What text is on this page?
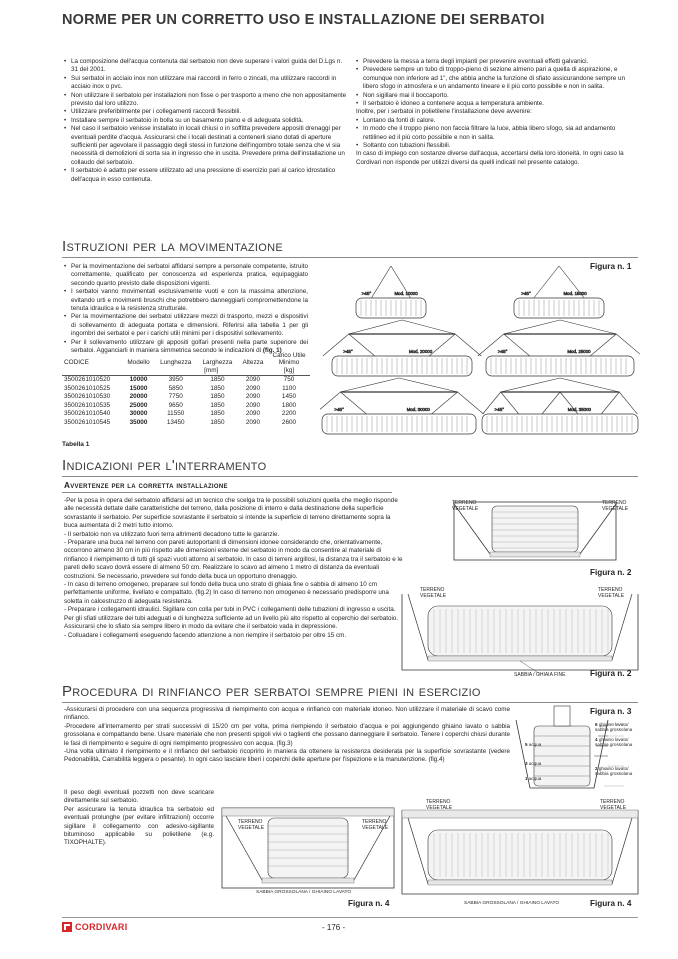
NORME PER UN CORRETTO USO E INSTALLAZIONE DEI SERBATOI
• La composizione dell'acqua contenuta dal serbatoio non deve superare i valori guida del D.Lgs n. 31 del 2001.
• Sui serbatoi in acciaio inox non utilizzare mai raccordi in ferro o zincati, ma utilizzare raccordi in acciaio inox o pvc.
• Non utilizzare il serbatoio per installazioni non fisse o per trasporto a meno che non appositamente previsto dal loro utilizzo.
• Utilizzare preferibilmente per i collegamenti raccordi flessibili.
• Installare sempre il serbatoio in bolla su un basamento piano e di adeguata solidità.
• Nel caso il serbatoio venisse installato in locali chiusi o in soffitta prevedere appositi drenaggi per eventuali perdite d'acqua. Assicurarsi che i locali destinati a contenerli siano dotati di aperture sufficienti per agevolare il passaggio degli stessi in funzione dell'ingombro totale senza che vi sia necessità di demolizioni di sorta sia in ingresso che in uscita. Prevedere prima dell'installazione un collaudo del serbatoio.
• Il serbatoio è adatto per essere utilizzato ad una pressione di esercizio pari al carico idrostatico dell'acqua in esso contenuta.
• Prevedere la messa a terra degli impianti per prevenire eventuali effetti galvanici.
• Prevedere sempre un tubo di troppo-pieno di sezione almeno pari a quella di aspirazione, e comunque non inferiore ad 1", che abbia anche la funzione di sfiato assicurandone sempre un libero sfogo in atmosfera e un andamento lineare e il più corto possibile e non in salita.
• Non sigillare mai il boccaporto.
• Il serbatoio è idoneo a contenere acqua a temperatura ambiente.

Inoltre, per i serbatoi in polietilene l'installazione deve avvenire:

• Lontano da fonti di calore.
• In modo che il troppo pieno non faccia filtrare la luce, abbia libero sfogo, sia ad andamento rettilineo ed il più corto possibile e non in salita.
• Soltanto con tubazioni flessibili.

In caso di impiego con sostanze diverse dall'acqua, accertarsi della loro idoneità. In ogni caso la Cordivari non risponde per utilizzi diversi da quelli indicati nel presente catalogo.

Istruzioni per la movimentazione
• Per la movimentazione dei serbatoi affidarsi sempre a personale competente, istruito correttamente, qualificato per conoscenza ed esperienza pratica, equipaggiato secondo quanto previsto dalle disposizioni vigenti.
• I serbatoi vanno movimentati esclusivamente vuoti e con la massima attenzione, evitando urti e movimenti bruschi che potrebbero danneggiarli compromettendone la tenuta idraulica e la resistenza strutturale.
• Per la movimentazione dei serbatoi utilizzare mezzi di trasporto, mezzi e dispositivi di sollevamento di adeguata portata e dimensioni. Riferirsi alla tabella 1 per gli ingombri dei serbatoi e per i carichi utili minimi per i dispositivi sollevamento.
• Per il sollevamento utilizzare gli appositi golfari presenti nella parte superiore dei serbatoi. Agganciarli in maniera simmetrica secondo le indicazioni di (fig. 1)
Figura n. 1
CODICE	Modello	Lunghezza	Larghezza	Altezza	Carico Utile Minimo
		[mm]			[kg]
3500261010520	10000	3950	1850	2090	750
3500261010525	15000	5850	1850	2090	1100
3500261010530	20000	7750	1850	2090	1450
3500261010535	25000	9650	1850	2090	1800
3500261010540	30000	11550	1850	2090	2200
3500261010545	35000	13450	1850	2090	2600
Tabella 1
Mod. 10000
>45°	Mod. 15000
>45°
Mod. 20000
>45°	Mod. 25000
>45°
Mod. 30000
>45°	Mod. 35000
>45°
Indicazioni per l'interramento
Avvertenze per la corretta installazione

-Per la posa in opera del serbatoio affidarsi ad un tecnico che scelga tra le possibili soluzioni quella che meglio risponde alle necessità dettate dalle caratteristiche del terreno, dalla posizione di interro e dalla destinazione della superficie sovrastante il serbatoio. Per superficie sovrastante il serbatoio si intende la superficie di terreno direttamente sopra la buca aumentata di 2 metri tutto intorno.

- Il serbatoio non va utilizzato fuori terra altrimenti decadono tutte le garanzie.

- Preparare una buca nel terreno con pareti autoportanti di dimensioni idonee considerando che, orientativamente, occorrono almeno 30 cm in più rispetto alle dimensioni esterne del serbatoio in modo da consentire al materiale di rinfianco il riempimento di tutti gli spazi vuoti attorno al serbatoio. In caso di terreni argillosi, la distanza tra il serbatoio e le pareti dello scavo dovrà essere di almeno 50 cm. Realizzare lo scavo ad almeno 1 metro di distanza da eventuali costruzioni. Se necessario, prevedere sul fondo della buca un opportuno drenaggio.

- In caso di terreno omogeneo, preparare sul fondo della buca uno strato di ghiaia fine o sabbia di almeno 10 cm perfettamente uniforme, livellato e compattato. (fig.2) In caso di terreno non omogeneo è necessario predisporre una soletta in calcestruzzo di adeguata resistenza.

- Preparare i collegamenti idraulici. Sigillare con colla per tubi in PVC i collegamenti delle tubazioni di ingresso e uscita. Per gli sfiati utilizzare dei tubi adeguati e di lunghezza sufficiente ad un livello più alto rispetto al coperchio del serbatoio. Assicurarsi che lo sfiato sia sempre libero in modo da evitare che il serbatoio vada in depressione.

- Colluadare i collegamenti eseguendo facendo attenzione a non riempire il serbatoio per oltre 15 cm.

TERRENO VEGETALE
TERRENO VEGETALE
Figura n. 2
TERRENO VEGETALE
TERRENO VEGETALE
SABBIA / GHIAIA FINE	Figura n. 2
Procedura di rinfianco per serbatoi sempre pieni in esercizio

-Assicurarsi di procedere con una sequenza progressiva di riempimento con acqua e rinfianco con materiale idoneo. Non utilizzare il materiale di scavo come rinfianco.

-Procedere all'interramento per strati successivi di 15/20 cm per volta, prima riempiendo il serbatoio d'acqua e poi aggiungendo ghiaino lavato o sabbia grossolana e compattando bene. Usare materiale che non presenti spigoli vivi o taglienti che possano danneggiare il serbatoio. Tenere i coperchi chiusi durante le fasi di riempimento e seguire di ogni riempimento progressivo con acqua. (fig.3)

-Una volta ultimato il riempimento e il rinfianco del serbatoio ricoprirlo in maniera da ottenere la resistenza desiderata per la superficie sovrastante (vedere Pedonabilità, Carrabilità leggera o pesante). In ogni caso lasciare liberi i coperchi delle aperture per l'ispezione e la manutenzione. (fig.4)

Il peso degli eventuali pozzetti non deve scaricare direttamente sul serbatoio.

Per assicurare la tenuta idraulica tra serbatoio ed eventuali prolunghe (per evitare infiltrazioni) occorre sigillare il collegamento con adesivo-sigillante bituminoso applicabile su polietilene (e.g. TIXOPHALTE).

Figura n. 3
6 ghiaino lavato/ sabbia grossolana
4 ghiaino lavato/ sabbia grossolana
2 ghiaino lavato/ sabbia grossolana
5 acqua
3 acqua
1 acqua
TERRENO VEGETALE
TERRENO VEGETALE
SABBIA GROSSOLANA / GHIAINO LAVATO
Figura n. 4
TERRENO VEGETALE
TERRENO VEGETALE
SABBIA GROSSOLANA / GHIAINO LAVATO	Figura n. 4
CORDIVARI	- 176 -
